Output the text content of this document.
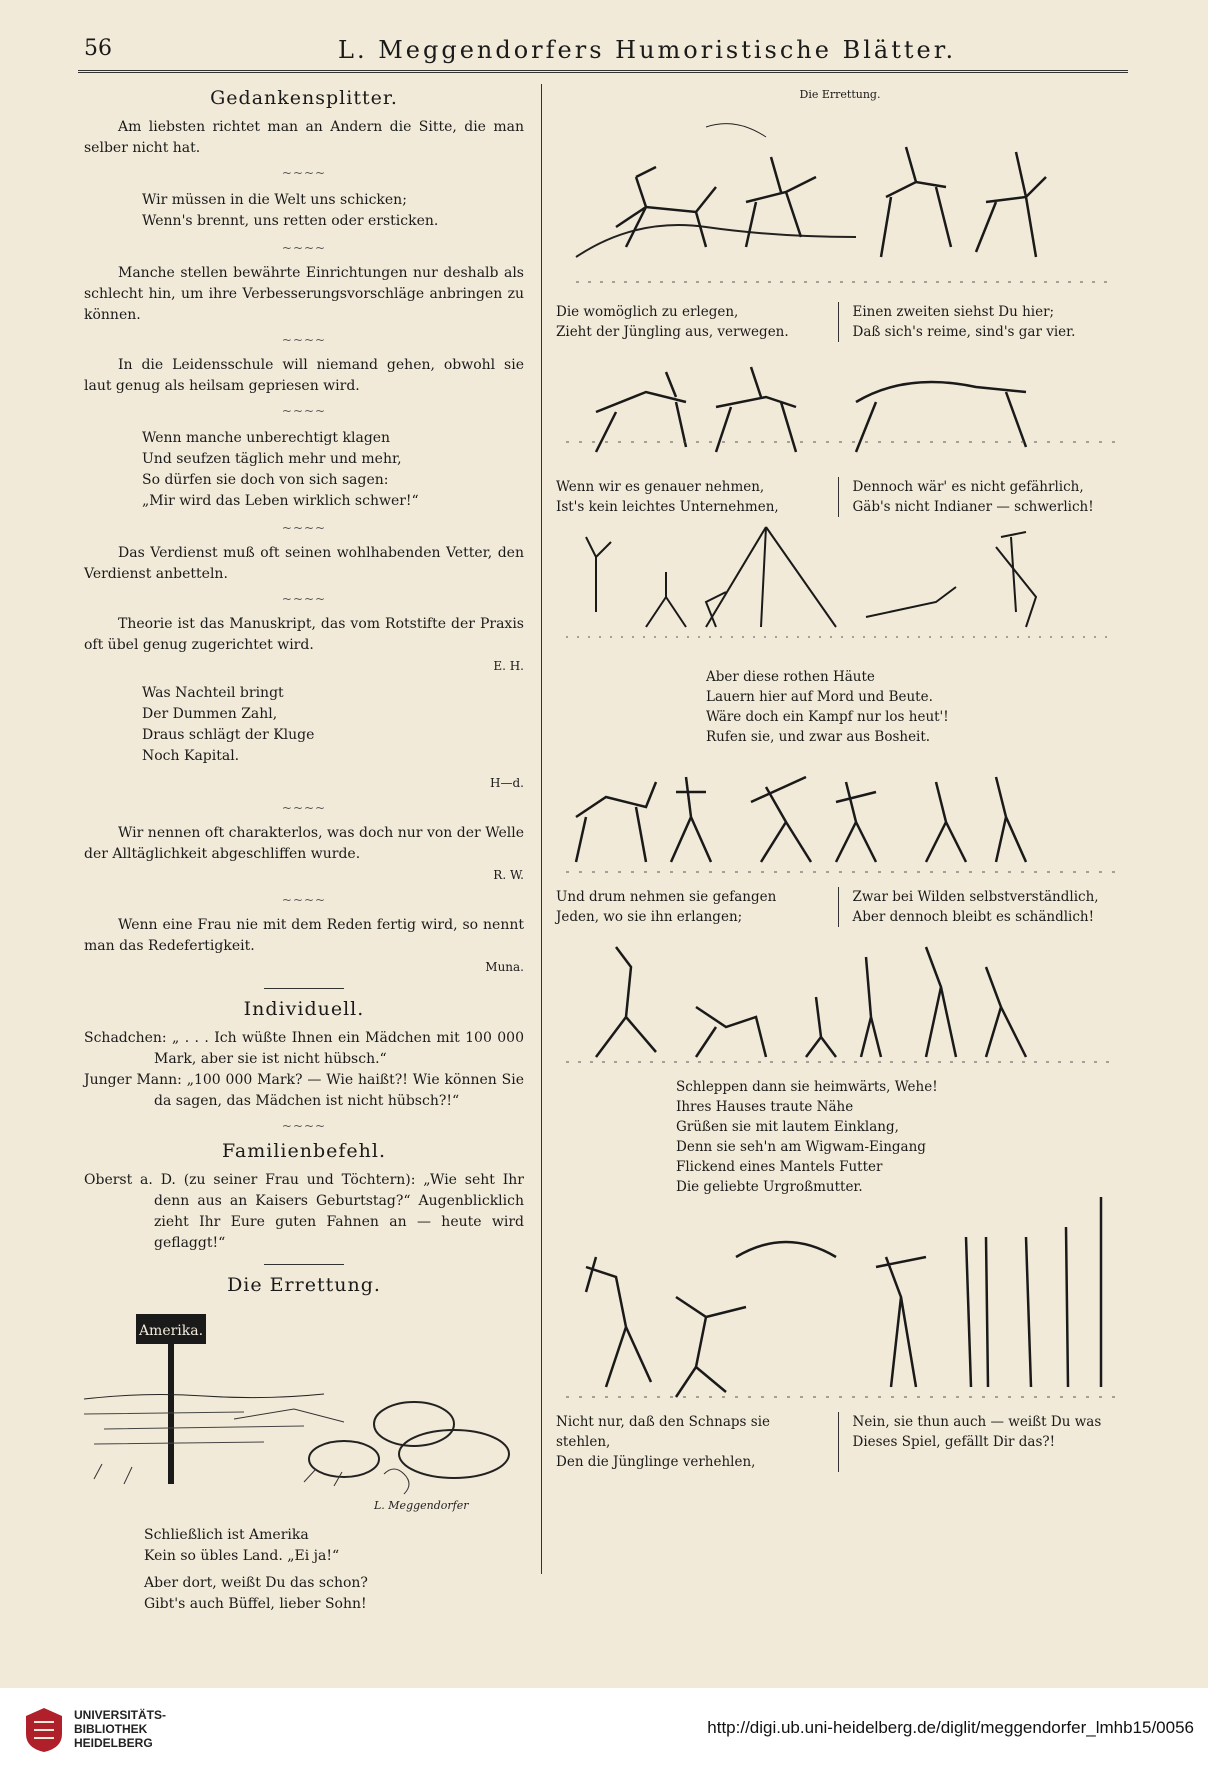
56	L. Meggendorfers Humoristische Blätter.
Gedankensplitter.

Am liebsten richtet man an Andern die Sitte, die man selber nicht hat.

~~~~
Wir müssen in die Welt uns schicken;
Wenn's brennt, uns retten oder ersticken.
~~~~

Manche stellen bewährte Einrichtungen nur deshalb als schlecht hin, um ihre Verbesserungsvorschläge anbringen zu können.

~~~~

In die Leidensschule will niemand gehen, obwohl sie laut genug als heilsam gepriesen wird.

~~~~
Wenn manche unberechtigt klagen
Und seufzen täglich mehr und mehr,
So dürfen sie doch von sich sagen:
„Mir wird das Leben wirklich schwer!“
~~~~

Das Verdienst muß oft seinen wohlhabenden Vetter, den Verdienst anbetteln.

~~~~

Theorie ist das Manuskript, das vom Rotstifte der Praxis oft übel genug zugerichtet wird.

E. H.
Was Nachteil bringt
Der Dummen Zahl,
Draus schlägt der Kluge
Noch Kapital.
H—d.
~~~~

Wir nennen oft charakterlos, was doch nur von der Welle der Alltäglichkeit abgeschliffen wurde.

R. W.
~~~~

Wenn eine Frau nie mit dem Reden fertig wird, so nennt man das Redefertigkeit.

Muna.
Individuell.

Schadchen: „ . . . Ich wüßte Ihnen ein Mädchen mit 100 000 Mark, aber sie ist nicht hübsch.“

Junger Mann: „100 000 Mark? — Wie haißt?! Wie können Sie da sagen, das Mädchen ist nicht hübsch?!“

~~~~
Familienbefehl.

Oberst a. D. (zu seiner Frau und Töchtern): „Wie seht Ihr denn aus an Kaisers Geburtstag?“ Augenblicklich zieht Ihr Eure guten Fahnen an — heute wird geflaggt!“

Die Errettung.
Amerika.
L. Meggendorfer
Schließlich ist Amerika
Kein so übles Land. „Ei ja!“
Aber dort, weißt Du das schon?
Gibt's auch Büffel, lieber Sohn!
Die Errettung.
Die womöglich zu erlegen,
Zieht der Jüngling aus, verwegen.
Einen zweiten siehst Du hier;
Daß sich's reime, sind's gar vier.
Wenn wir es genauer nehmen,
Ist's kein leichtes Unternehmen,
Dennoch wär' es nicht gefährlich,
Gäb's nicht Indianer — schwerlich!
Aber diese rothen Häute
Lauern hier auf Mord und Beute.
Wäre doch ein Kampf nur los heut'!
Rufen sie, und zwar aus Bosheit.
Und drum nehmen sie gefangen
Jeden, wo sie ihn erlangen;
Zwar bei Wilden selbstverständlich,
Aber dennoch bleibt es schändlich!
Schleppen dann sie heimwärts, Wehe!
Ihres Hauses traute Nähe
Grüßen sie mit lautem Einklang,
Denn sie seh'n am Wigwam-Eingang
Flickend eines Mantels Futter
Die geliebte Urgroßmutter.
Nicht nur, daß den Schnaps sie stehlen,
Den die Jünglinge verhehlen,
Nein, sie thun auch — weißt Du was
Dieses Spiel, gefällt Dir das?!
UNIVERSITÄTS-
BIBLIOTHEK
HEIDELBERG
http://digi.ub.uni-heidelberg.de/diglit/meggendorfer_lmhb15/0056
